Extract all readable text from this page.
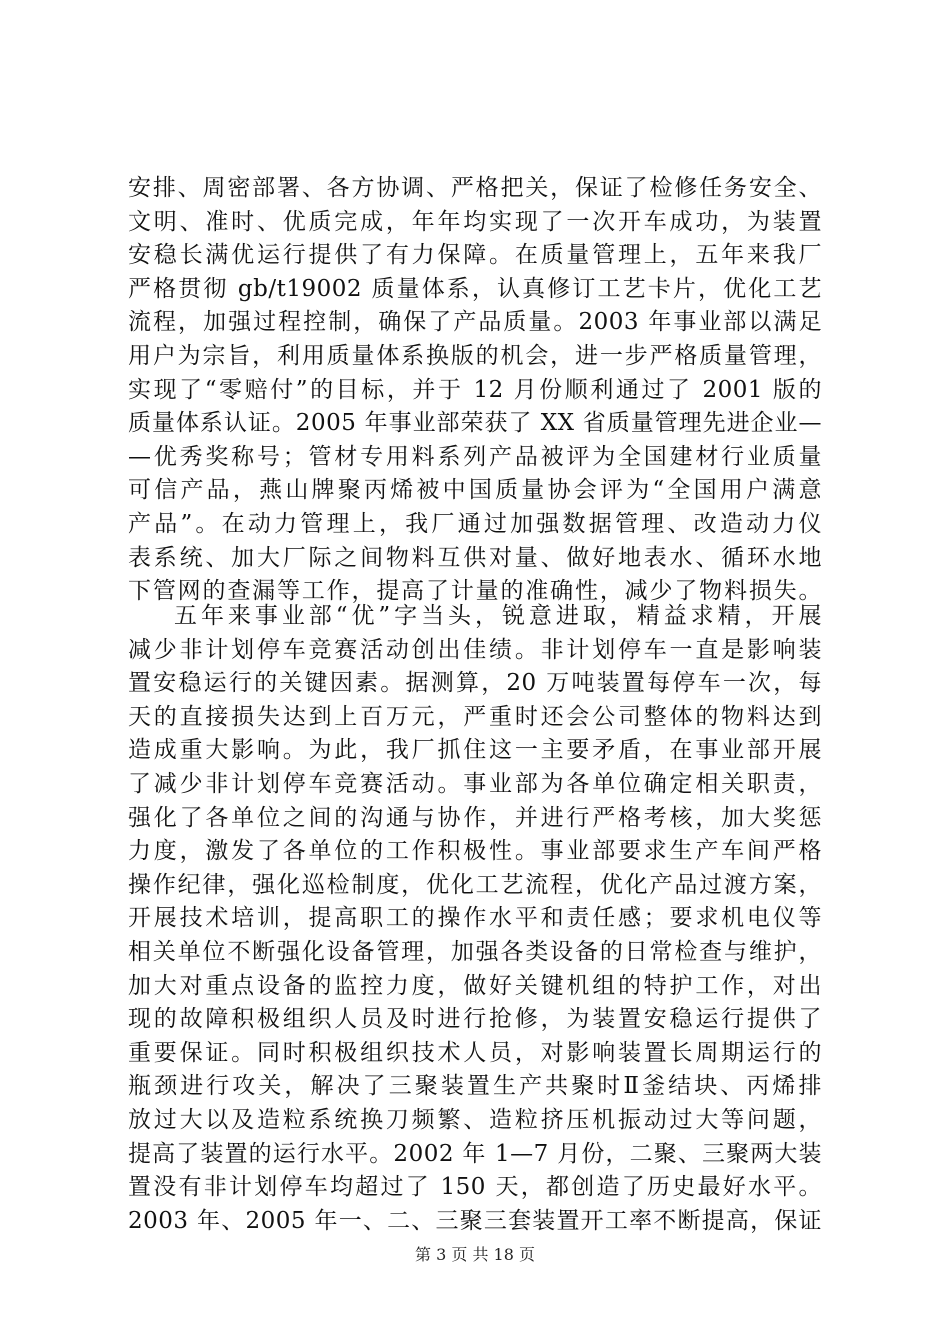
安排、周密部署、各方协调、严格把关，保证了检修任务安全、
文明、准时、优质完成，年年均实现了一次开车成功，为装置
安稳长满优运行提供了有力保障。在质量管理上，五年来我厂
严格贯彻 gb/t19002 质量体系，认真修订工艺卡片，优化工艺
流程，加强过程控制，确保了产品质量。2003 年事业部以满足
用户为宗旨，利用质量体系换版的机会，进一步严格质量管理，
实现了“零赔付”的目标，并于 12 月份顺利通过了 2001 版的
质量体系认证。2005 年事业部荣获了 XX 省质量管理先进企业—
—优秀奖称号；管材专用料系列产品被评为全国建材行业质量
可信产品，燕山牌聚丙烯被中国质量协会评为“全国用户满意
产品”。在动力管理上，我厂通过加强数据管理、改造动力仪
表系统、加大厂际之间物料互供对量、做好地表水、循环水地
下管网的查漏等工作，提高了计量的准确性，减少了物料损失。
五年来事业部“优”字当头，锐意进取，精益求精，开展
减少非计划停车竞赛活动创出佳绩。非计划停车一直是影响装
置安稳运行的关键因素。据测算，20 万吨装置每停车一次，每
天的直接损失达到上百万元，严重时还会公司整体的物料达到
造成重大影响。为此，我厂抓住这一主要矛盾，在事业部开展
了减少非计划停车竞赛活动。事业部为各单位确定相关职责，
强化了各单位之间的沟通与协作，并进行严格考核，加大奖惩
力度，激发了各单位的工作积极性。事业部要求生产车间严格
操作纪律，强化巡检制度，优化工艺流程，优化产品过渡方案，
开展技术培训，提高职工的操作水平和责任感；要求机电仪等
相关单位不断强化设备管理，加强各类设备的日常检查与维护，
加大对重点设备的监控力度，做好关键机组的特护工作，对出
现的故障积极组织人员及时进行抢修，为装置安稳运行提供了
重要保证。同时积极组织技术人员，对影响装置长周期运行的
瓶颈进行攻关，解决了三聚装置生产共聚时Ⅱ釜结块、丙烯排
放过大以及造粒系统换刀频繁、造粒挤压机振动过大等问题，
提高了装置的运行水平。2002 年 1—7 月份，二聚、三聚两大装
置没有非计划停车均超过了 150 天，都创造了历史最好水平。
2003 年、2005 年一、二、三聚三套装置开工率不断提高，保证
第 3 页 共 18 页
